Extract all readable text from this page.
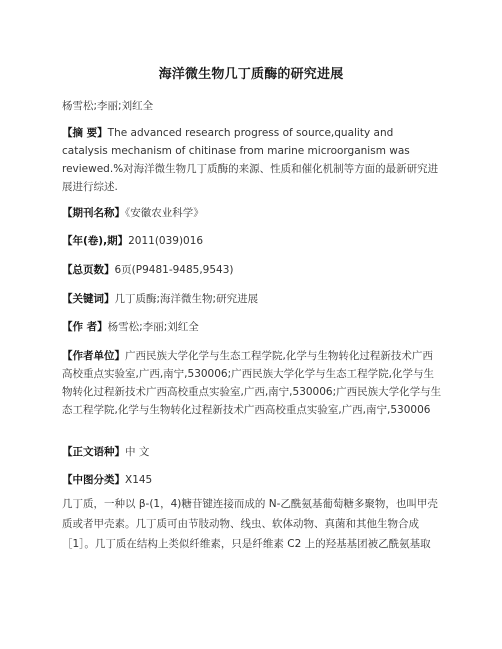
海洋微生物几丁质酶的研究进展
杨雪松;李丽;刘红全
【摘 要】The advanced research progress of source,quality and catalysis mechanism of chitinase from marine microorganism was reviewed.%对海洋微生物几丁质酶的来源、性质和催化机制等方面的最新研究进展进行综述.
【期刊名称】《安徽农业科学》
【年(卷),期】2011(039)016
【总页数】6页(P9481-9485,9543)
【关键词】几丁质酶;海洋微生物;研究进展
【作 者】杨雪松;李丽;刘红全
【作者单位】广西民族大学化学与生态工程学院,化学与生物转化过程新技术广西高校重点实验室,广西,南宁,530006;广西民族大学化学与生态工程学院,化学与生物转化过程新技术广西高校重点实验室,广西,南宁,530006;广西民族大学化学与生态工程学院,化学与生物转化过程新技术广西高校重点实验室,广西,南宁,530006
【正文语种】中 文
【中图分类】X145
几丁质，一种以 β-(1，4)糖苷键连接而成的 N-乙酰氨基葡萄糖多聚物，也叫甲壳质或者甲壳素。几丁质可由节肢动物、线虫、软体动物、真菌和其他生物合成［1］。几丁质在结构上类似纤维素，只是纤维素 C2 上的羟基基团被乙酰氨基取
